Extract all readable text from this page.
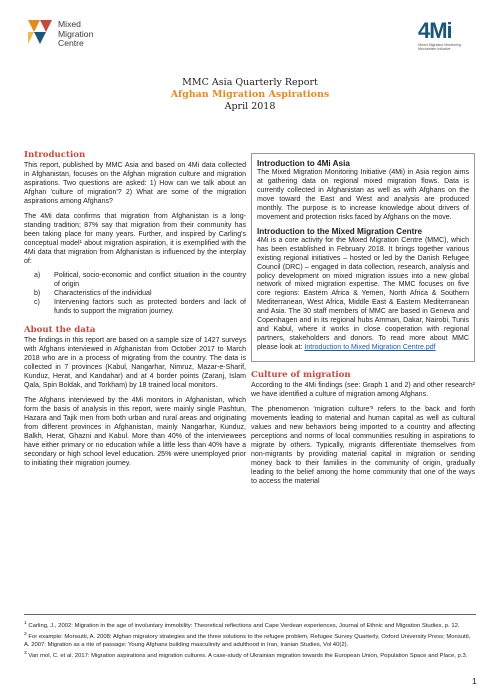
Mixed
Migration
Centre
4Mi
Mixed Migration Monitoring Mechanism Initiative
MMC Asia Quarterly Report
Afghan Migration Aspirations
April 2018
Introduction

This report, published by MMC Asia and based on 4Mi data collected in Afghanistan, focuses on the Afghan migration culture and migration aspirations. Two questions are asked: 1) How can we talk about an Afghan 'culture of migration'? 2) What are some of the migration aspirations among Afghans?

The 4Mi data confirms that migration from Afghanistan is a long-standing tradition; 87% say that migration from their community has been taking place for many years. Further, and inspired by Carling's conceptual model¹ about migration aspiration, it is exemplified with the 4Mi data that migration from Afghanistan is influenced by the interplay of:

a)	Political, socio-economic and conflict situation in the country of origin
b)	Characteristics of the individual
c)	Intervening factors such as protected borders and lack of funds to support the migration journey.
About the data

The findings in this report are based on a sample size of 1427 surveys with Afghans interviewed in Afghanistan from October 2017 to March 2018 who are in a process of migrating from the country. The data is collected in 7 provinces (Kabul, Nangarhar, Nimruz, Mazar-e-Sharif, Kunduz, Herat, and Kandahar) and at 4 border points (Zaranj, Islam Qala, Spin Boldak, and Torkham) by 18 trained local monitors.

The Afghans interviewed by the 4Mi monitors in Afghanistan, which form the basis of analysis in this report, were mainly single Pashtun, Hazara and Tajik men from both urban and rural areas and originating from different provinces in Afghanistan, mainly Nangarhar, Kunduz, Balkh, Herat, Ghazni and Kabul. More than 40% of the interviewees have either primary or no education while a little less than 40% have a secondary or high school level education. 25% were unemployed prior to initiating their migration journey.

Introduction to 4Mi Asia

The Mixed Migration Monitoring Initiative (4Mi) in Asia region aims at gathering data on regional mixed migration flows. Data is currently collected in Afghanistan as well as with Afghans on the move toward the East and West and analysis are produced monthly. The purpose is to increase knowledge about drivers of movement and protection risks faced by Afghans on the move.

Introduction to the Mixed Migration Centre

4Mi is a core activity for the Mixed Migration Centre (MMC), which has been established in February 2018. It brings together various existing regional initiatives – hosted or led by the Danish Refugee Council (DRC) – engaged in data collection, research, analysis and policy development on mixed migration issues into a new global network of mixed migration expertise. The MMC focuses on five core regions: Eastern Africa & Yemen, North Africa & Southern Mediterranean, West Africa, Middle East & Eastern Mediterranean and Asia. The 30 staff members of MMC are based in Geneva and Copenhagen and in its regional hubs Amman, Dakar, Nairobi, Tunis and Kabul, where it works in close cooperation with regional partners, stakeholders and donors. To read more about MMC please look at: Introduction to Mixed Migration Centre.pdf

Culture of migration

According to the 4Mi findings (see: Graph 1 and 2) and other research² we have identified a culture of migration among Afghans.

The phenomenon 'migration culture'³ refers to the back and forth movements leading to material and human capital as well as cultural values and new behaviors being imported to a country and affecting perceptions and norms of local communities resulting in aspirations to migrate by others. Typically, migrants differentiate themselves from non-migrants by providing material capital in migration or sending money back to their families in the community of origin, gradually leading to the belief among the home community that one of the ways to access the material

$^1$ Carling, J., 2002: Migration in the age of involuntary immobility: Theoretical reflections and Cape Verdean experiences, Journal of Ethnic and Migration Studies, p. 12.

$^2$ For example: Monsutti, A. 2008: Afghan migratory strategies and the three solutions to the refugee problem, Refugee Survey Quarterly, Oxford University Press; Monsutti, A. 2007: Migration as a rite of passage: Young Afghans building masculinity and adulthood in Iran, Iranian Studies, Vol 40(2).

$^3$ Van mol, C. et al. 2017: Migration aspirations and migration cultures. A case-study of Ukrainian migration towards the European Union, Population Space and Place, p.3.

1
